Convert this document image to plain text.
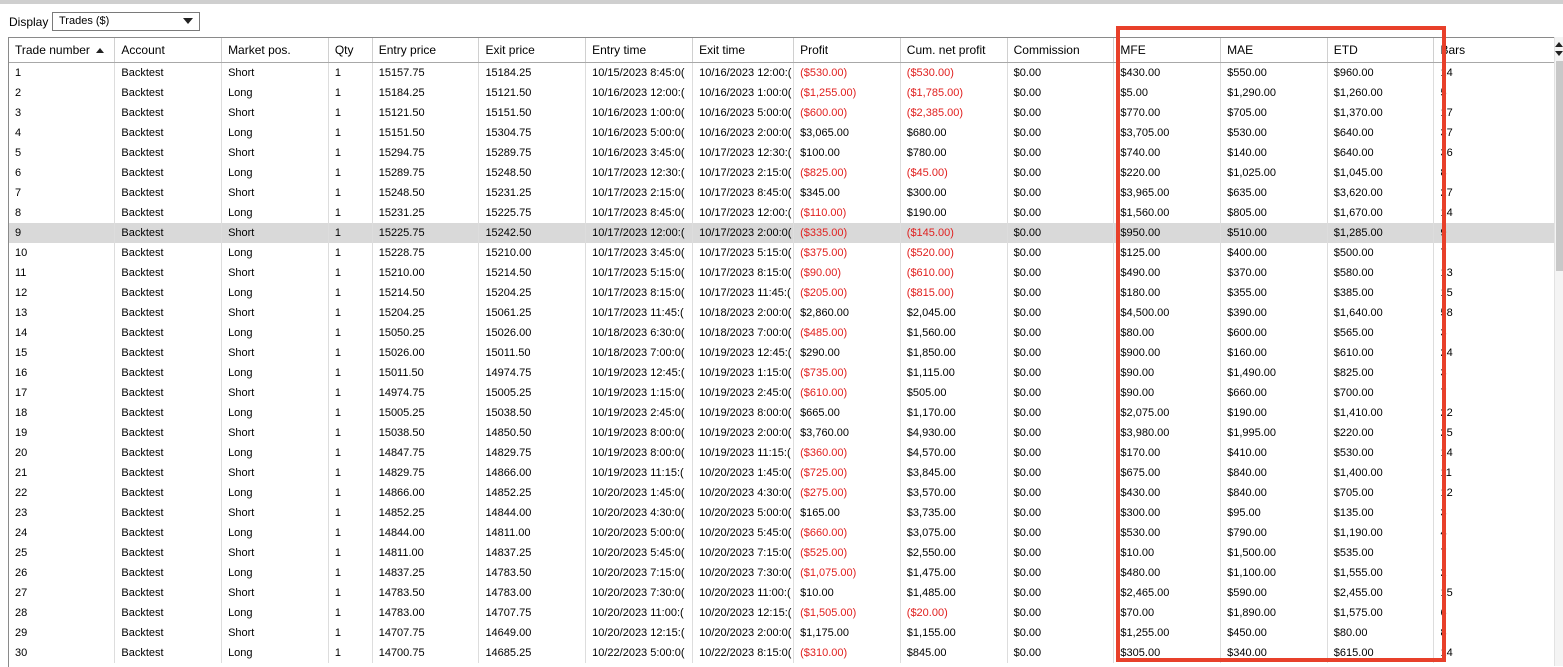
Display Trades ($)
Trade number	Account	Market pos.	Qty	Entry price	Exit price	Entry time	Exit time	Profit	Cum. net profit	Commission	MFE	MAE	ETD	Bars
1	Backtest	Short	1	15157.75	15184.25	10/15/2023 8:45:0(	10/16/2023 12:00:(	($530.00)	($530.00)	$0.00	$430.00	$550.00	$960.00	14
2	Backtest	Long	1	15184.25	15121.50	10/16/2023 12:00:(	10/16/2023 1:00:0(	($1,255.00)	($1,785.00)	$0.00	$5.00	$1,290.00	$1,260.00	5
3	Backtest	Short	1	15121.50	15151.50	10/16/2023 1:00:0(	10/16/2023 5:00:0(	($600.00)	($2,385.00)	$0.00	$770.00	$705.00	$1,370.00	17
4	Backtest	Long	1	15151.50	15304.75	10/16/2023 5:00:0(	10/16/2023 2:00:0(	$3,065.00	$680.00	$0.00	$3,705.00	$530.00	$640.00	37
5	Backtest	Short	1	15294.75	15289.75	10/16/2023 3:45:0(	10/17/2023 12:30:(	$100.00	$780.00	$0.00	$740.00	$140.00	$640.00	36
6	Backtest	Long	1	15289.75	15248.50	10/17/2023 12:30:(	10/17/2023 2:15:0(	($825.00)	($45.00)	$0.00	$220.00	$1,025.00	$1,045.00	8
7	Backtest	Short	1	15248.50	15231.25	10/17/2023 2:15:0(	10/17/2023 8:45:0(	$345.00	$300.00	$0.00	$3,965.00	$635.00	$3,620.00	27
8	Backtest	Long	1	15231.25	15225.75	10/17/2023 8:45:0(	10/17/2023 12:00:(	($110.00)	$190.00	$0.00	$1,560.00	$805.00	$1,670.00	14
9	Backtest	Short	1	15225.75	15242.50	10/17/2023 12:00:(	10/17/2023 2:00:0(	($335.00)	($145.00)	$0.00	$950.00	$510.00	$1,285.00	9
10	Backtest	Long	1	15228.75	15210.00	10/17/2023 3:45:0(	10/17/2023 5:15:0(	($375.00)	($520.00)	$0.00	$125.00	$400.00	$500.00	7
11	Backtest	Short	1	15210.00	15214.50	10/17/2023 5:15:0(	10/17/2023 8:15:0(	($90.00)	($610.00)	$0.00	$490.00	$370.00	$580.00	13
12	Backtest	Long	1	15214.50	15204.25	10/17/2023 8:15:0(	10/17/2023 11:45:(	($205.00)	($815.00)	$0.00	$180.00	$355.00	$385.00	15
13	Backtest	Short	1	15204.25	15061.25	10/17/2023 11:45:(	10/18/2023 2:00:0(	$2,860.00	$2,045.00	$0.00	$4,500.00	$390.00	$1,640.00	58
14	Backtest	Long	1	15050.25	15026.00	10/18/2023 6:30:0(	10/18/2023 7:00:0(	($485.00)	$1,560.00	$0.00	$80.00	$600.00	$565.00	3
15	Backtest	Short	1	15026.00	15011.50	10/18/2023 7:00:0(	10/19/2023 12:45:(	$290.00	$1,850.00	$0.00	$900.00	$160.00	$610.00	24
16	Backtest	Long	1	15011.50	14974.75	10/19/2023 12:45:(	10/19/2023 1:15:0(	($735.00)	$1,115.00	$0.00	$90.00	$1,490.00	$825.00	3
17	Backtest	Short	1	14974.75	15005.25	10/19/2023 1:15:0(	10/19/2023 2:45:0(	($610.00)	$505.00	$0.00	$90.00	$660.00	$700.00	7
18	Backtest	Long	1	15005.25	15038.50	10/19/2023 2:45:0(	10/19/2023 8:00:0(	$665.00	$1,170.00	$0.00	$2,075.00	$190.00	$1,410.00	22
19	Backtest	Short	1	15038.50	14850.50	10/19/2023 8:00:0(	10/19/2023 2:00:0(	$3,760.00	$4,930.00	$0.00	$3,980.00	$1,995.00	$220.00	25
20	Backtest	Long	1	14847.75	14829.75	10/19/2023 8:00:0(	10/19/2023 11:15:(	($360.00)	$4,570.00	$0.00	$170.00	$410.00	$530.00	14
21	Backtest	Short	1	14829.75	14866.00	10/19/2023 11:15:(	10/20/2023 1:45:0(	($725.00)	$3,845.00	$0.00	$675.00	$840.00	$1,400.00	11
22	Backtest	Long	1	14866.00	14852.25	10/20/2023 1:45:0(	10/20/2023 4:30:0(	($275.00)	$3,570.00	$0.00	$430.00	$840.00	$705.00	12
23	Backtest	Short	1	14852.25	14844.00	10/20/2023 4:30:0(	10/20/2023 5:00:0(	$165.00	$3,735.00	$0.00	$300.00	$95.00	$135.00	3
24	Backtest	Long	1	14844.00	14811.00	10/20/2023 5:00:0(	10/20/2023 5:45:0(	($660.00)	$3,075.00	$0.00	$530.00	$790.00	$1,190.00	4
25	Backtest	Short	1	14811.00	14837.25	10/20/2023 5:45:0(	10/20/2023 7:15:0(	($525.00)	$2,550.00	$0.00	$10.00	$1,500.00	$535.00	7
26	Backtest	Long	1	14837.25	14783.50	10/20/2023 7:15:0(	10/20/2023 7:30:0(	($1,075.00)	$1,475.00	$0.00	$480.00	$1,100.00	$1,555.00	2
27	Backtest	Short	1	14783.50	14783.00	10/20/2023 7:30:0(	10/20/2023 11:00:(	$10.00	$1,485.00	$0.00	$2,465.00	$590.00	$2,455.00	15
28	Backtest	Long	1	14783.00	14707.75	10/20/2023 11:00:(	10/20/2023 12:15:(	($1,505.00)	($20.00)	$0.00	$70.00	$1,890.00	$1,575.00	6
29	Backtest	Short	1	14707.75	14649.00	10/20/2023 12:15:(	10/20/2023 2:00:0(	$1,175.00	$1,155.00	$0.00	$1,255.00	$450.00	$80.00	8
30	Backtest	Long	1	14700.75	14685.25	10/22/2023 5:00:0(	10/22/2023 8:15:0(	($310.00)	$845.00	$0.00	$305.00	$340.00	$615.00	14
